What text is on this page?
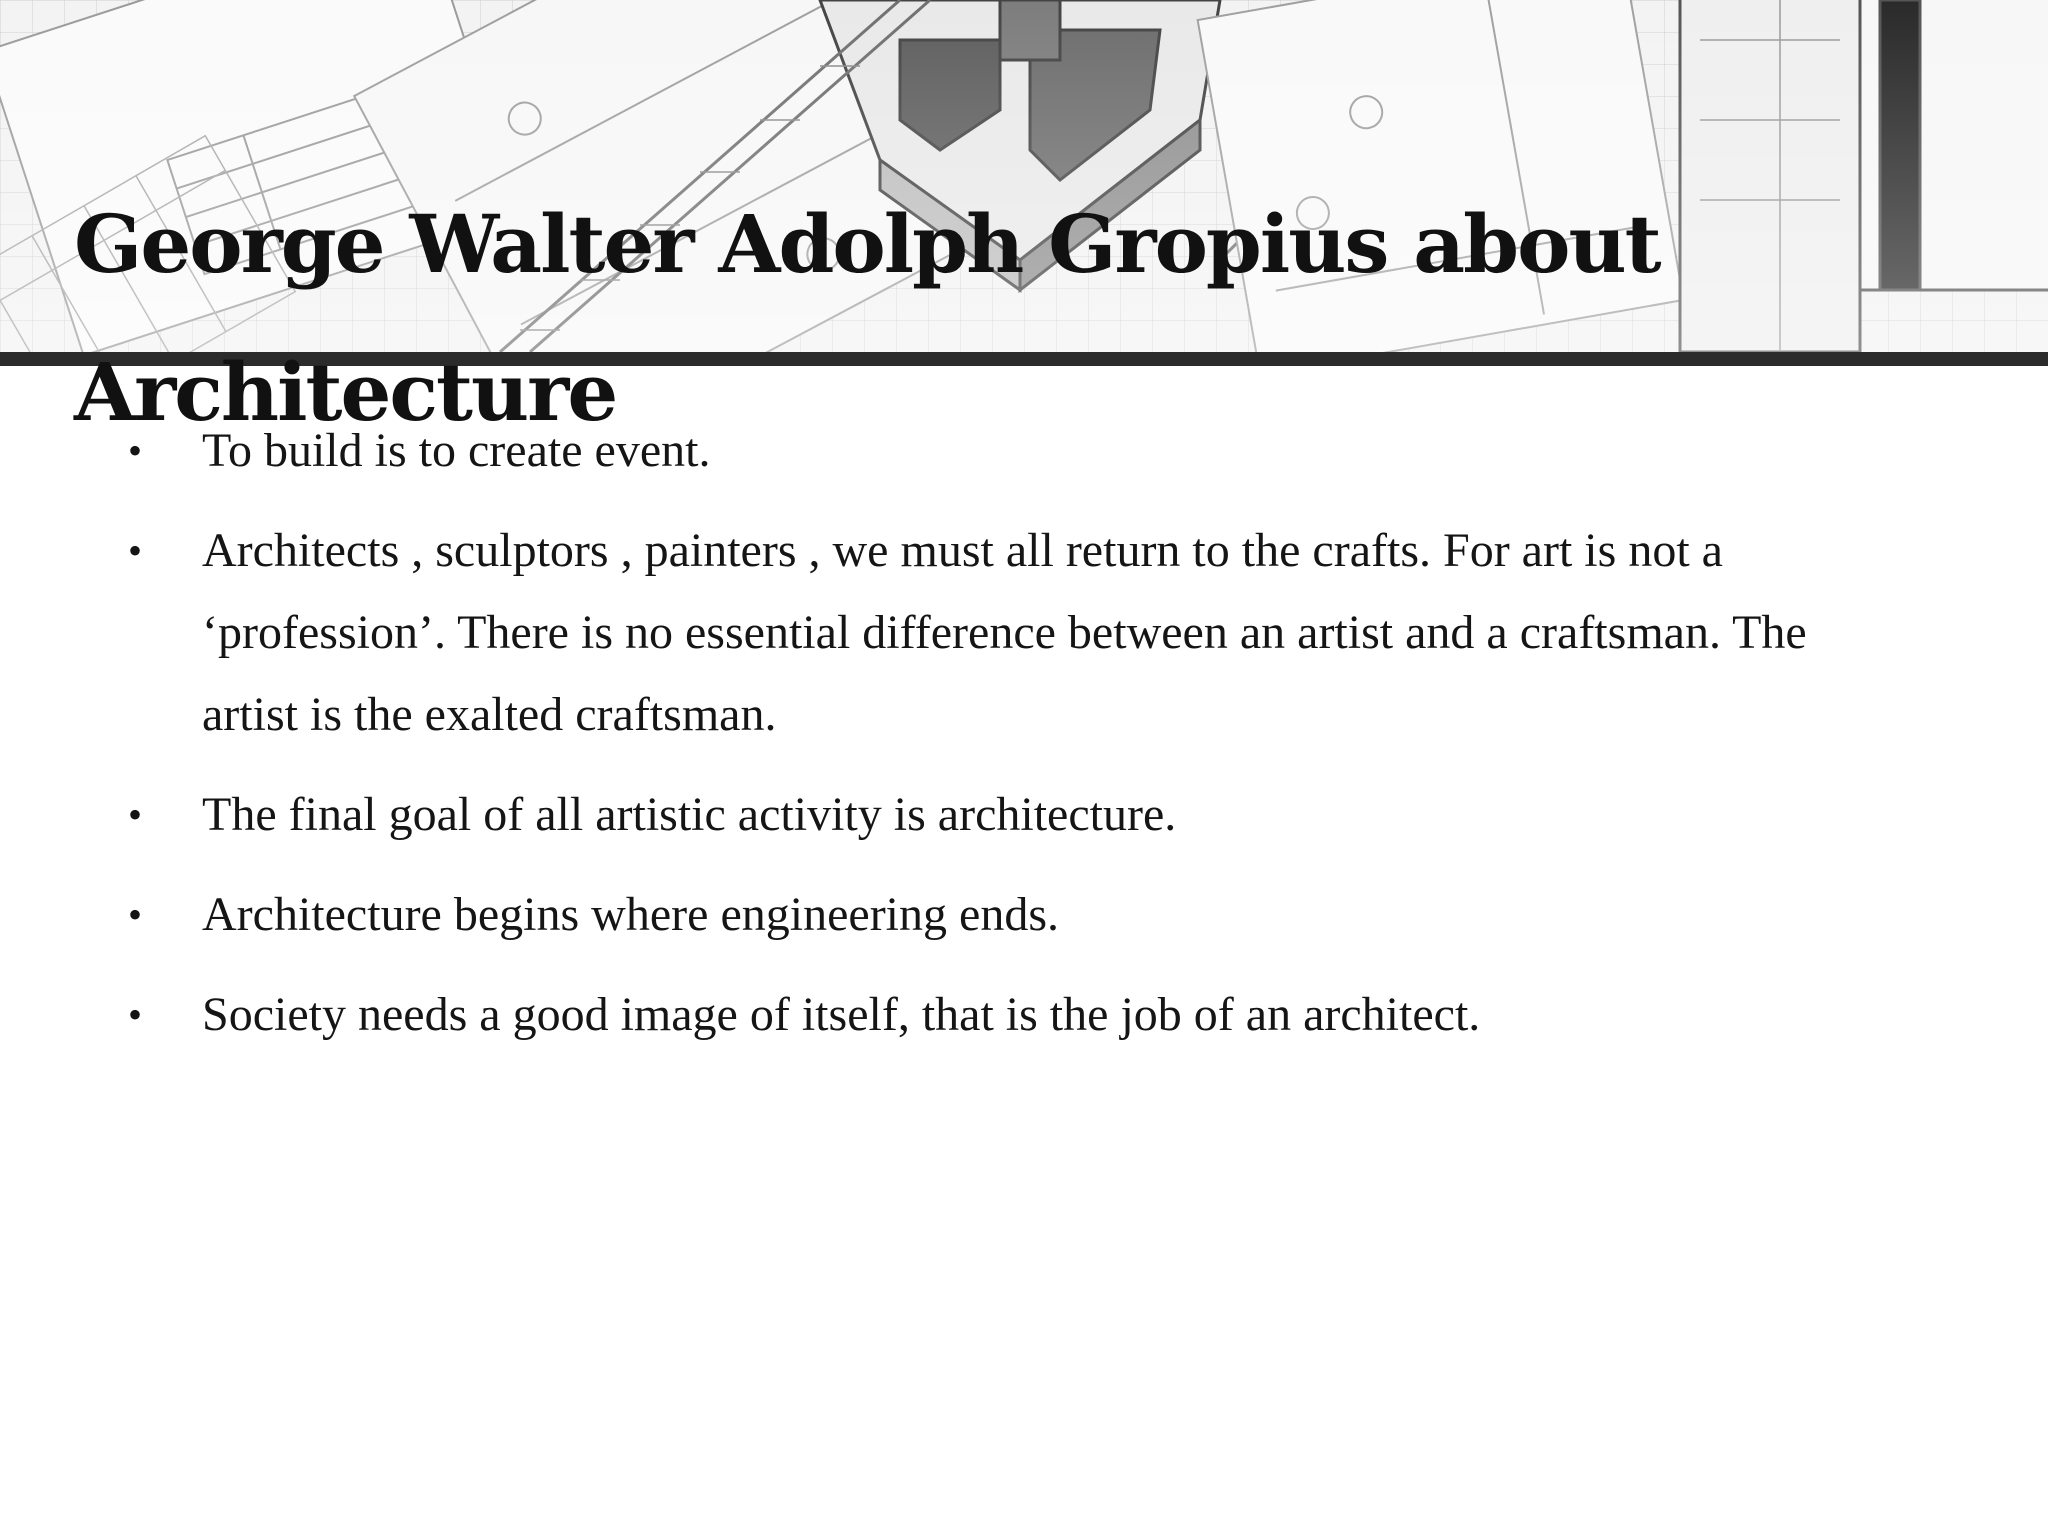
George Walter Adolph Gropius about Architecture
• To build is to create event.
• Architects , sculptors , painters , we must all return to the crafts. For art is not a ‘profession’. There is no essential difference between an artist and a craftsman. The artist is the exalted craftsman.
• The final goal of all artistic activity is architecture.
• Architecture begins where engineering ends.
• Society needs a good image of itself, that is the job of an architect.
